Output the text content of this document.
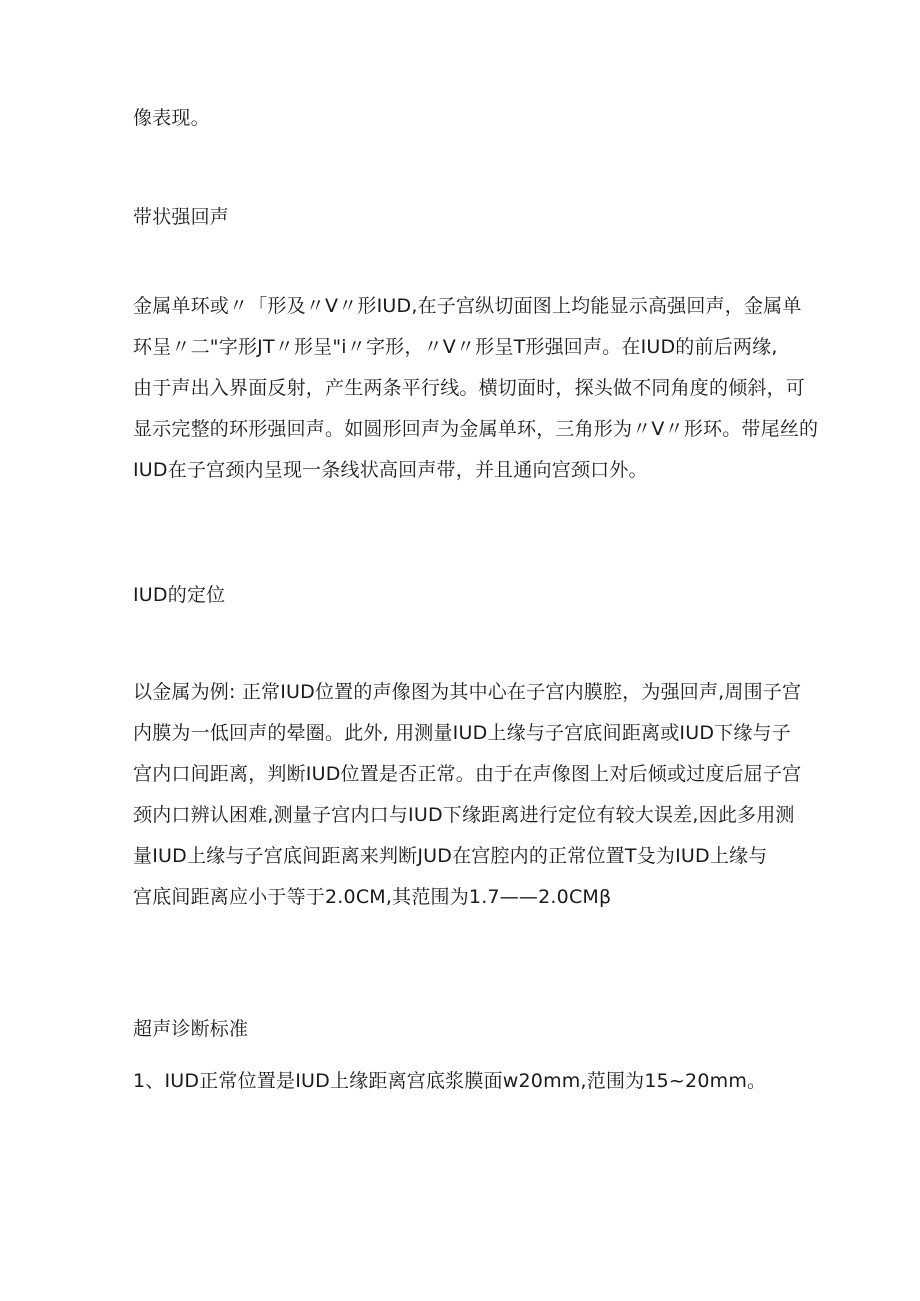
像表现。
带状强回声
金属单环或〃「形及〃V〃形IUD,在子宫纵切面图上均能显示高强回声，金属单
环呈〃二"字形JT〃形呈"i〃字形，〃V〃形呈T形强回声。在IUD的前后两缘,
由于声出入界面反射，产生两条平行线。横切面时，探头做不同角度的倾斜，可
显示完整的环形强回声。如圆形回声为金属单环，三角形为〃V〃形环。带尾丝的
IUD在子宫颈内呈现一条线状高回声带，并且通向宫颈口外。
IUD的定位
以金属为例: 正常IUD位置的声像图为其中心在子宫内膜腔，为强回声,周围子宫
内膜为一低回声的晕圈。此外, 用测量IUD上缘与子宫底间距离或IUD下缘与子
宫内口间距离，判断IUD位置是否正常。由于在声像图上对后倾或过度后屈子宫
颈内口辨认困难,测量子宫内口与IUD下缘距离进行定位有较大误差,因此多用测
量IUD上缘与子宫底间距离来判断JUD在宫腔内的正常位置T殳为IUD上缘与
宫底间距离应小于等于2.0CM,其范围为1.7——2.0CMβ
超声诊断标准
1、IUD正常位置是IUD上缘距离宫底浆膜面w20mm,范围为15~20mm。
